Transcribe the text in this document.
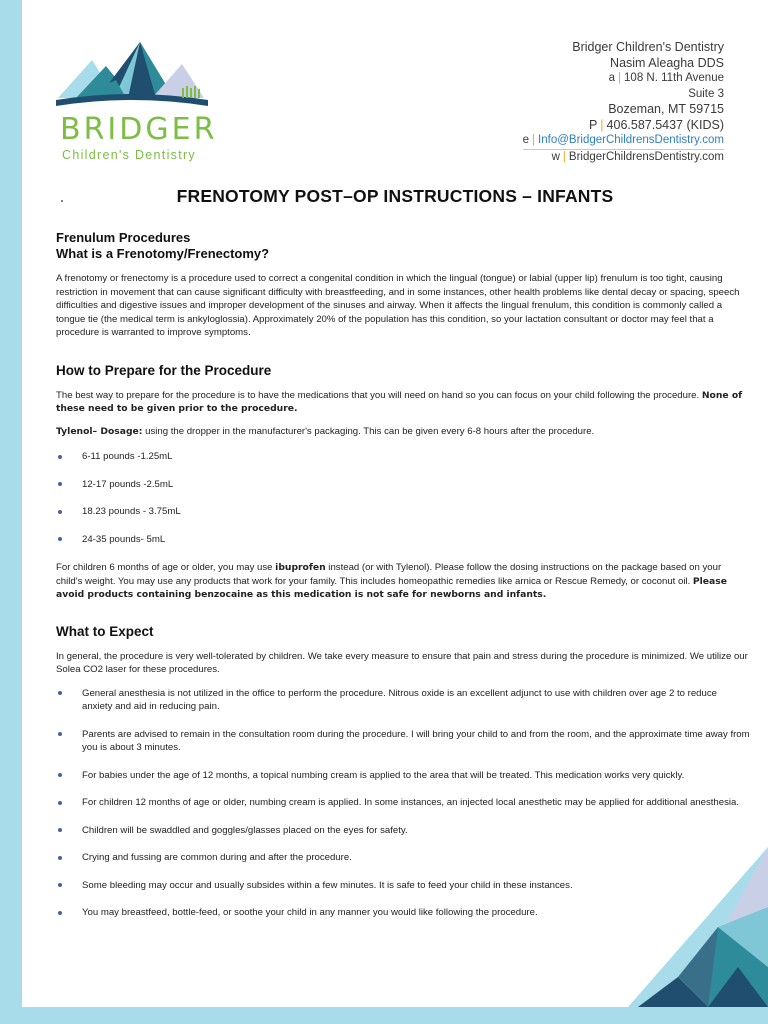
BRIDGER
Children's Dentistry
Bridger Children's Dentistry
Nasim Aleagha DDS
a | 108 N. 11th Avenue
Suite 3
Bozeman, MT 59715
P | 406.587.5437 (KIDS)
e | Info@BridgerChildrensDentistry.com
w | BridgerChildrensDentistry.com
FRENOTOMY POST–OP INSTRUCTIONS – INFANTS
Frenulum Procedures
What is a Frenotomy/Frenectomy?

A frenotomy or frenectomy is a procedure used to correct a congenital condition in which the lingual (tongue) or labial (upper lip) frenulum is too tight, causing restriction in movement that can cause significant difficulty with breastfeeding, and in some instances, other health problems like dental decay or spacing, speech difficulties and digestive issues and improper development of the sinuses and airway. When it affects the lingual frenulum, this condition is commonly called a tongue tie (the medical term is ankyloglossia). Approximately 20% of the population has this condition, so your lactation consultant or doctor may feel that a procedure is warranted to improve symptoms.

How to Prepare for the Procedure

The best way to prepare for the procedure is to have the medications that you will need on hand so you can focus on your child following the procedure. None of these need to be given prior to the procedure.

Tylenol– Dosage: using the dropper in the manufacturer's packaging. This can be given every 6-8 hours after the procedure.

6-11 pounds -1.25mL
12-17 pounds -2.5mL
18.23 pounds - 3.75mL
24-35 pounds- 5mL

For children 6 months of age or older, you may use ibuprofen instead (or with Tylenol). Please follow the dosing instructions on the package based on your child's weight. You may use any products that work for your family. This includes homeopathic remedies like arnica or Rescue Remedy, or coconut oil. Please avoid products containing benzocaine as this medication is not safe for newborns and infants.

What to Expect

In general, the procedure is very well-tolerated by children. We take every measure to ensure that pain and stress during the procedure is minimized. We utilize our Solea CO2 laser for these procedures.

General anesthesia is not utilized in the office to perform the procedure. Nitrous oxide is an excellent adjunct to use with children over age 2 to reduce anxiety and aid in reducing pain.
Parents are advised to remain in the consultation room during the procedure. I will bring your child to and from the room, and the approximate time away from you is about 3 minutes.
For babies under the age of 12 months, a topical numbing cream is applied to the area that will be treated. This medication works very quickly.
For children 12 months of age or older, numbing cream is applied. In some instances, an injected local anesthetic may be applied for additional anesthesia.
Children will be swaddled and goggles/glasses placed on the eyes for safety.
Crying and fussing are common during and after the procedure.
Some bleeding may occur and usually subsides within a few minutes. It is safe to feed your child in these instances.
You may breastfeed, bottle-feed, or soothe your child in any manner you would like following the procedure.
